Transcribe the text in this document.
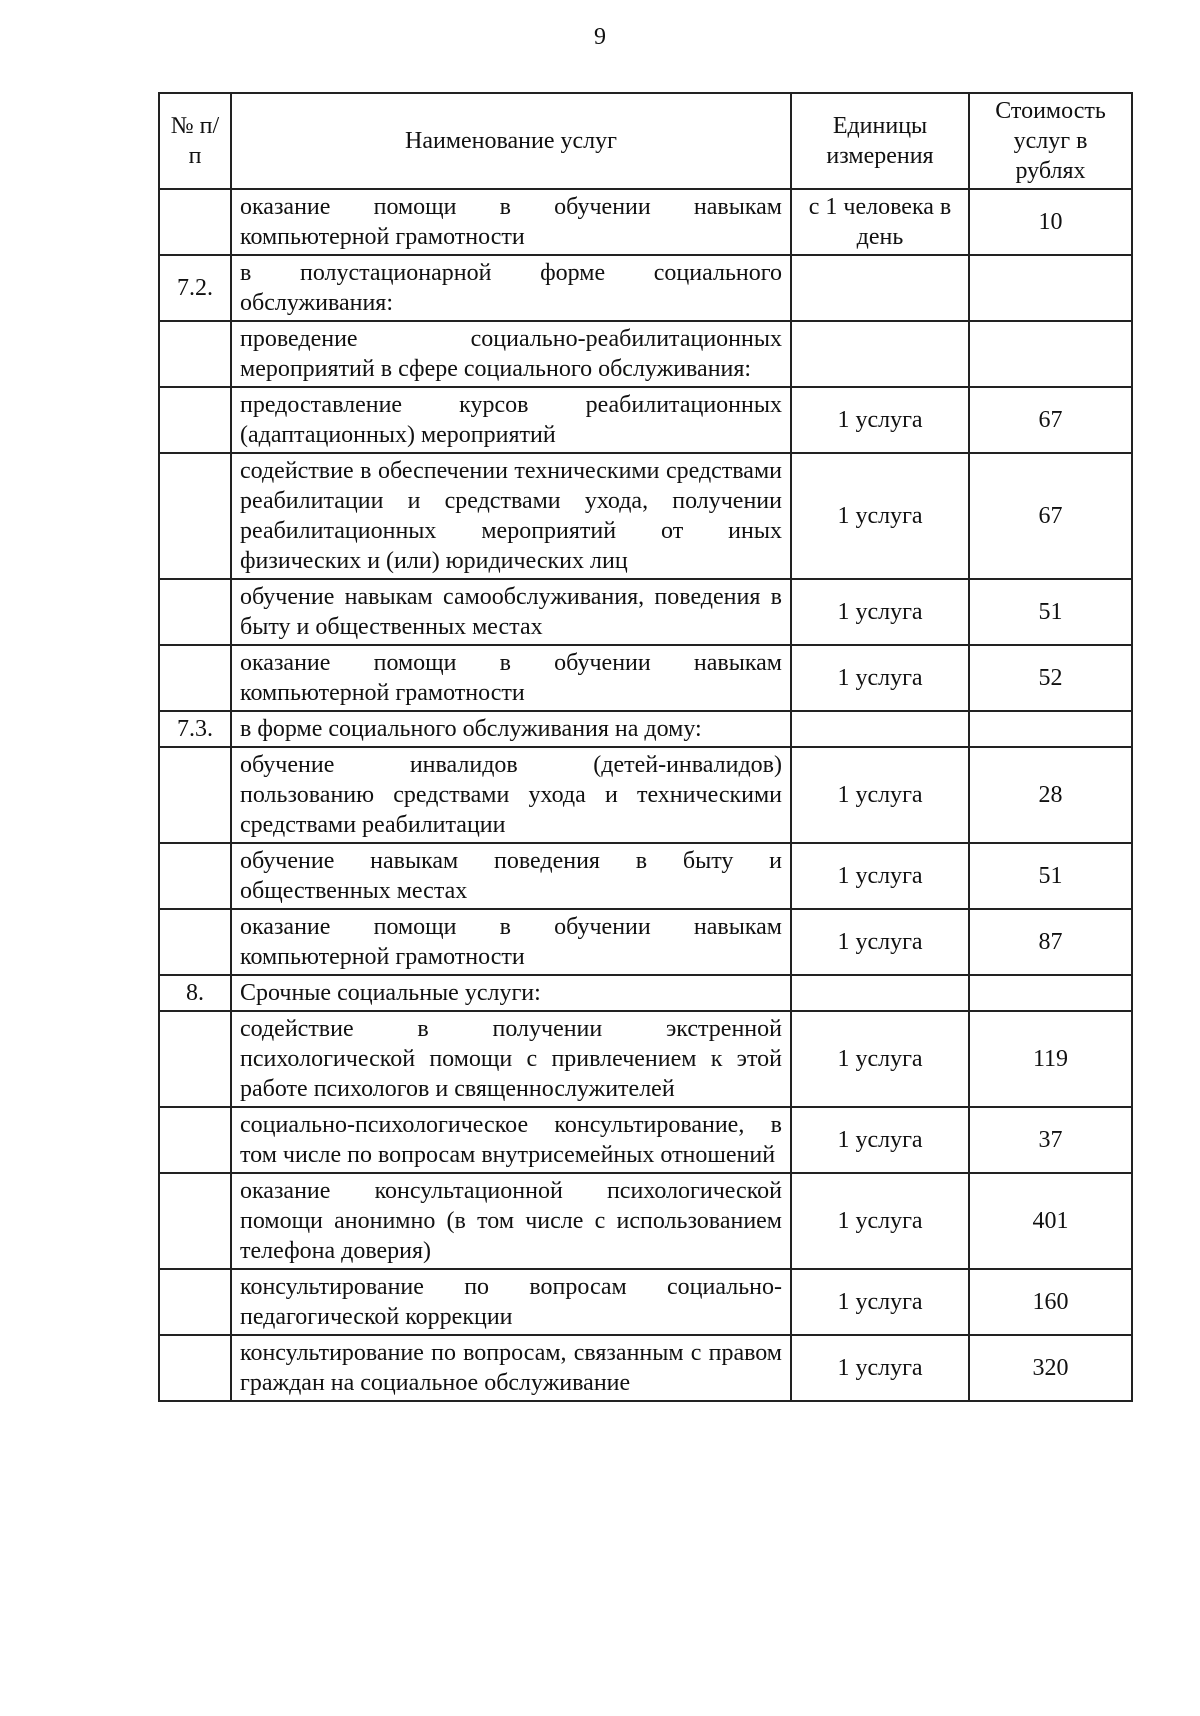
9
№ п/п	Наименование услуг	Единицы измерения	Стоимость услуг в рублях
	оказание помощи в обучении навыкам компьютерной грамотности	с 1 человека в день	10
7.2.	в полустационарной форме социального обслуживания:		
	проведение социально-реабилитационных мероприятий в сфере социального обслуживания:		
	предоставление курсов реабилитационных (адаптационных) мероприятий	1 услуга	67
	содействие в обеспечении техническими средствами реабилитации и средствами ухода, получении реабилитационных мероприятий от иных физических и (или) юридических лиц	1 услуга	67
	обучение навыкам самообслуживания, поведения в быту и общественных местах	1 услуга	51
	оказание помощи в обучении навыкам компьютерной грамотности	1 услуга	52
7.3.	в форме социального обслуживания на дому:		
	обучение инвалидов (детей-инвалидов) пользованию средствами ухода и техническими средствами реабилитации	1 услуга	28
	обучение навыкам поведения в быту и общественных местах	1 услуга	51
	оказание помощи в обучении навыкам компьютерной грамотности	1 услуга	87
8.	Срочные социальные услуги:		
	содействие в получении экстренной психологической помощи с привлечением к этой работе психологов и священнослужителей	1 услуга	119
	социально-психологическое консультирование, в том числе по вопросам внутрисемейных отношений	1 услуга	37
	оказание консультационной психологической помощи анонимно (в том числе с использованием телефона доверия)	1 услуга	401
	консультирование по вопросам социально-педагогической коррекции	1 услуга	160
	консультирование по вопросам, связанным с правом граждан на социальное обслуживание	1 услуга	320
